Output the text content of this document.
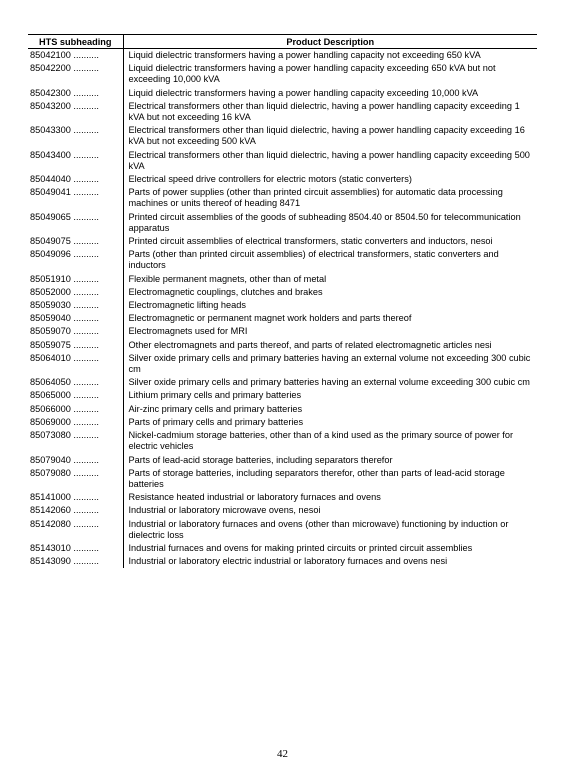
HTS subheading	Product Description
85042100 ..........	Liquid dielectric transformers having a power handling capacity not exceeding 650 kVA
85042200 ..........	Liquid dielectric transformers having a power handling capacity exceeding 650 kVA but not exceeding 10,000 kVA
85042300 ..........	Liquid dielectric transformers having a power handling capacity exceeding 10,000 kVA
85043200 ..........	Electrical transformers other than liquid dielectric, having a power handling capacity exceeding 1 kVA but not exceeding 16 kVA
85043300 ..........	Electrical transformers other than liquid dielectric, having a power handling capacity exceeding 16 kVA but not exceeding 500 kVA
85043400 ..........	Electrical transformers other than liquid dielectric, having a power handling capacity exceeding 500 kVA
85044040 ..........	Electrical speed drive controllers for electric motors (static converters)
85049041 ..........	Parts of power supplies (other than printed circuit assemblies) for automatic data processing machines or units thereof of heading 8471
85049065 ..........	Printed circuit assemblies of the goods of subheading 8504.40 or 8504.50 for telecommunication apparatus
85049075 ..........	Printed circuit assemblies of electrical transformers, static converters and inductors, nesoi
85049096 ..........	Parts (other than printed circuit assemblies) of electrical transformers, static converters and inductors
85051910 ..........	Flexible permanent magnets, other than of metal
85052000 ..........	Electromagnetic couplings, clutches and brakes
85059030 ..........	Electromagnetic lifting heads
85059040 ..........	Electromagnetic or permanent magnet work holders and parts thereof
85059070 ..........	Electromagnets used for MRI
85059075 ..........	Other electromagnets and parts thereof, and parts of related electromagnetic articles nesi
85064010 ..........	Silver oxide primary cells and primary batteries having an external volume not exceeding 300 cubic cm
85064050 ..........	Silver oxide primary cells and primary batteries having an external volume exceeding 300 cubic cm
85065000 ..........	Lithium primary cells and primary batteries
85066000 ..........	Air-zinc primary cells and primary batteries
85069000 ..........	Parts of primary cells and primary batteries
85073080 ..........	Nickel-cadmium storage batteries, other than of a kind used as the primary source of power for electric vehicles
85079040 ..........	Parts of lead-acid storage batteries, including separators therefor
85079080 ..........	Parts of storage batteries, including separators therefor, other than parts of lead-acid storage batteries
85141000 ..........	Resistance heated industrial or laboratory furnaces and ovens
85142060 ..........	Industrial or laboratory microwave ovens, nesoi
85142080 ..........	Industrial or laboratory furnaces and ovens (other than microwave) functioning by induction or dielectric loss
85143010 ..........	Industrial furnaces and ovens for making printed circuits or printed circuit assemblies
85143090 ..........	Industrial or laboratory electric industrial or laboratory furnaces and ovens nesi
42
